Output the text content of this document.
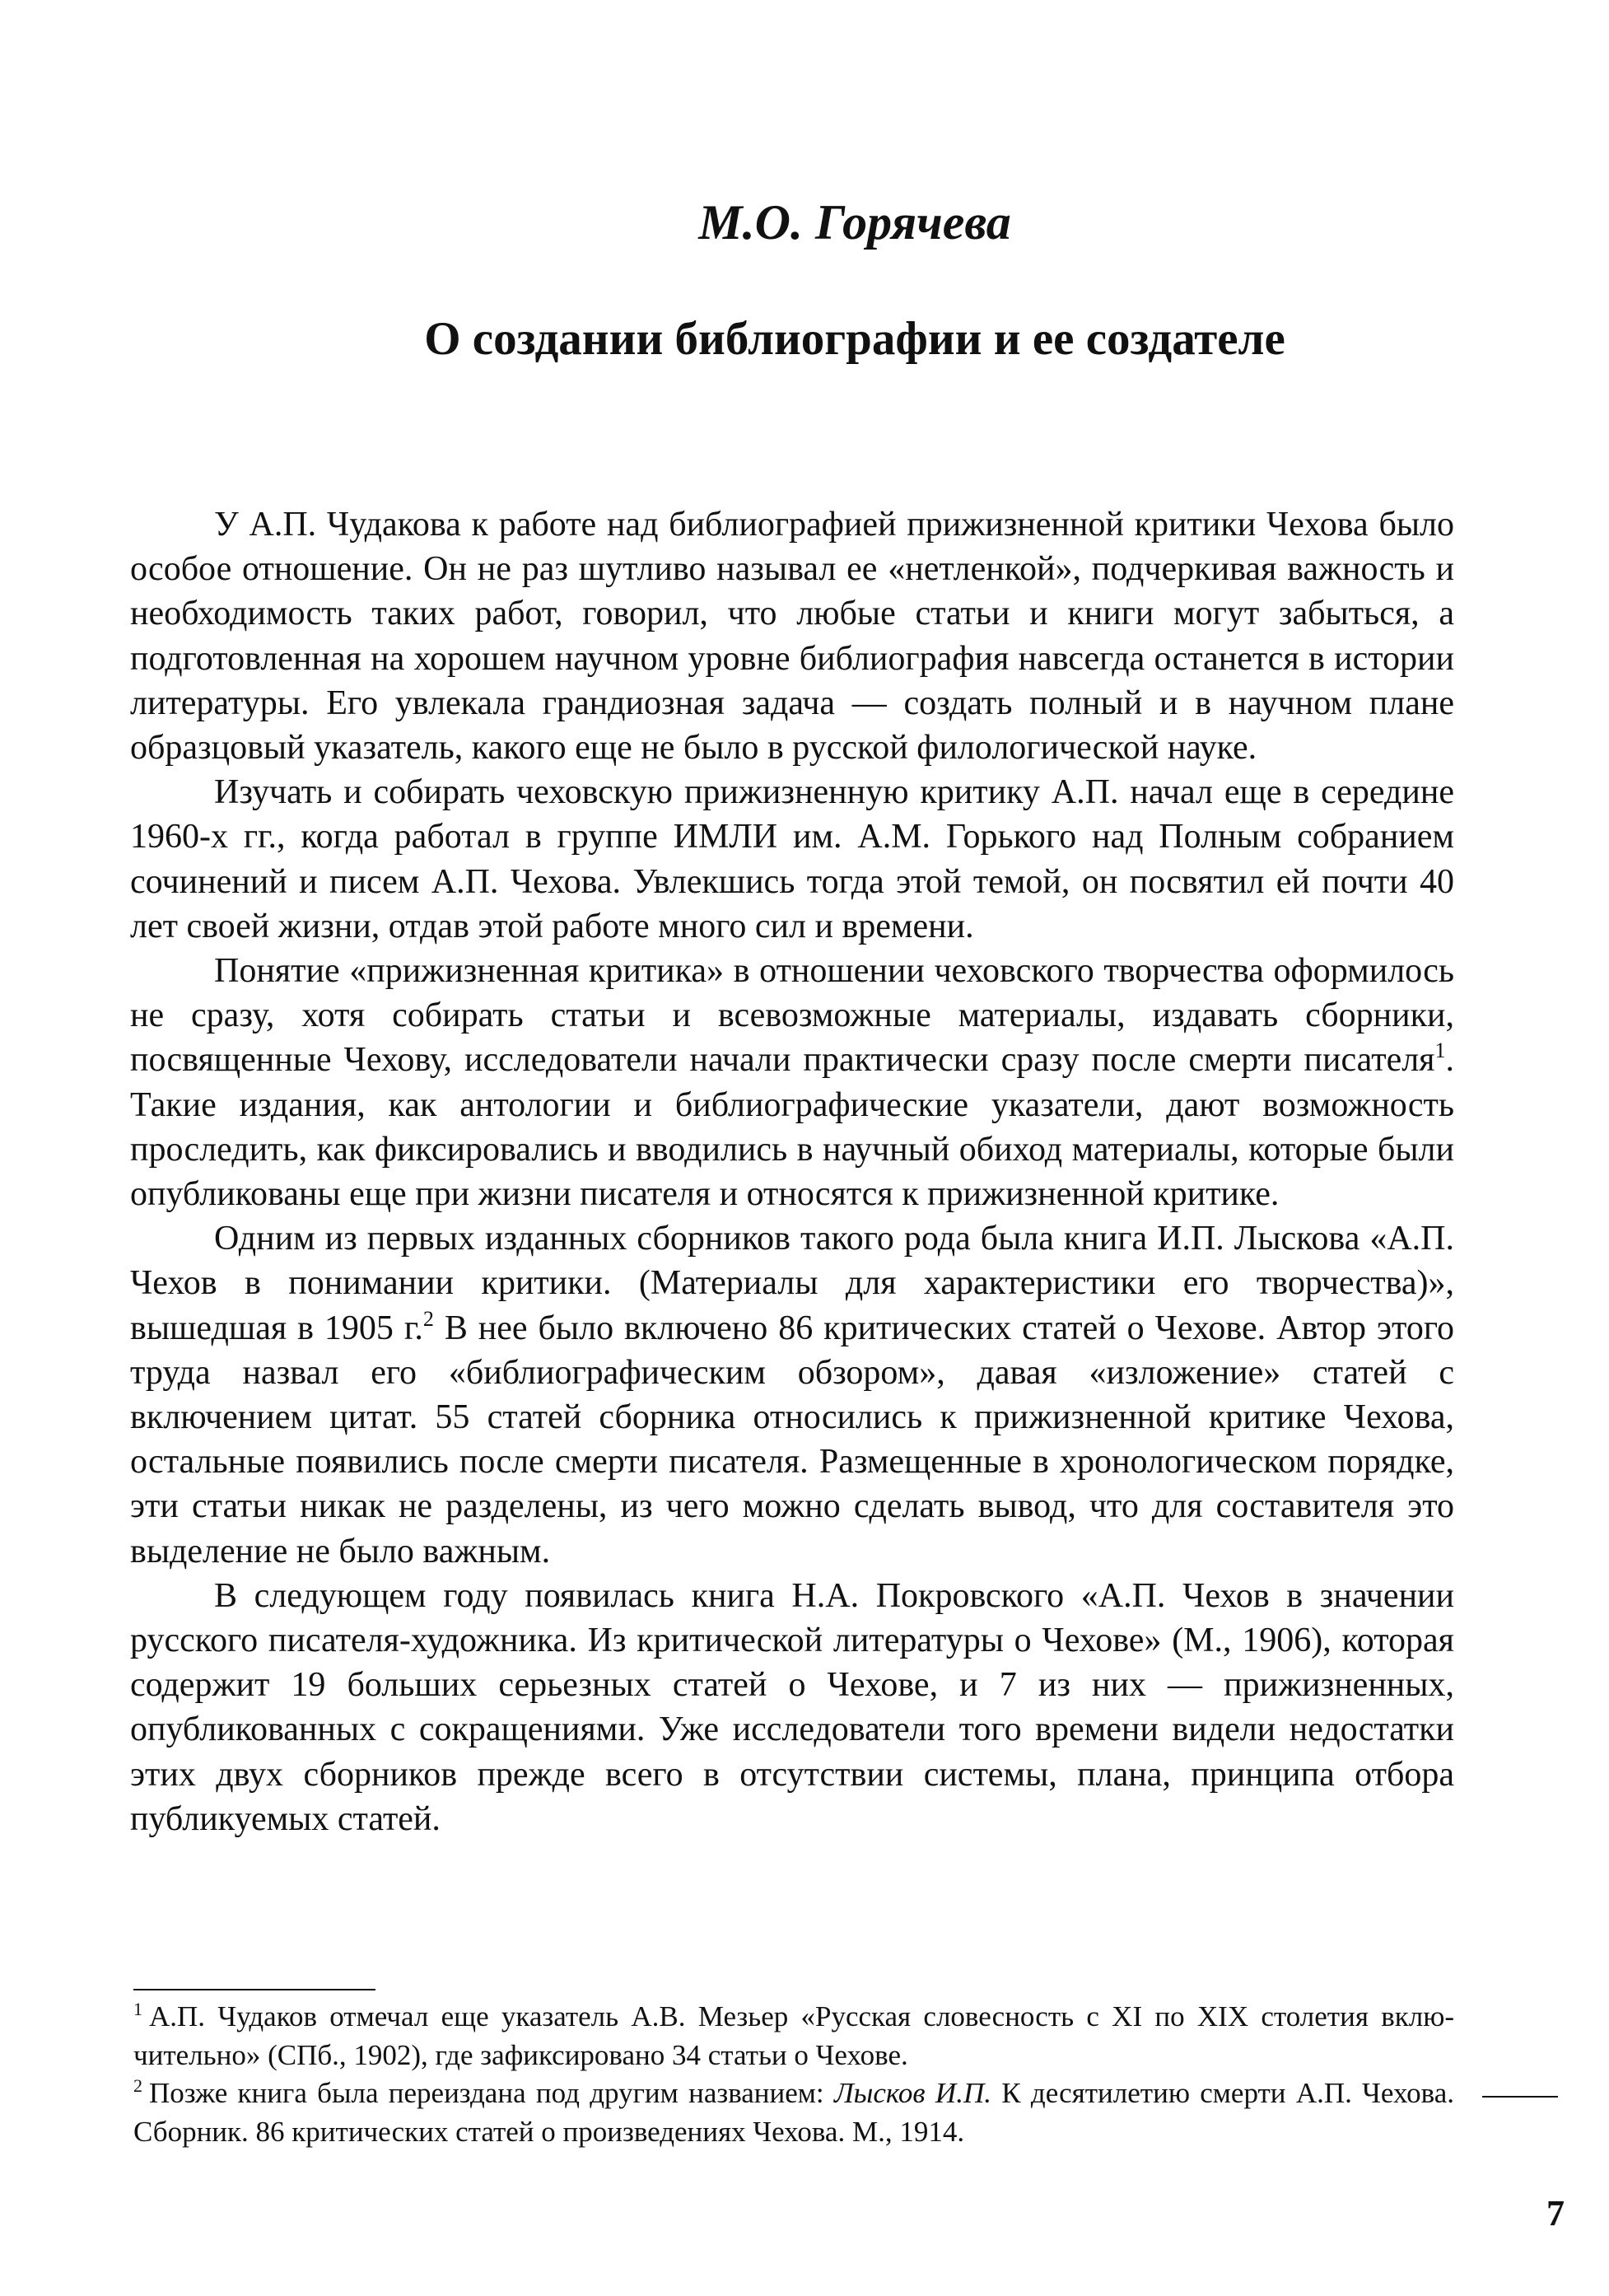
М.О. Горячева
О создании библиографии и ее создателе

У А.П. Чудакова к работе над библиографией прижизненной критики Чехова было особое отношение. Он не раз шутливо называл ее «нетленкой», подчеркивая важность и необходимость таких работ, говорил, что любые статьи и книги могут забыться, а подготовленная на хорошем научном уровне библиография навсегда останется в истории литературы. Его увлекала грандиозная задача — создать полный и в научном плане образцовый указатель, какого еще не было в русской филологической науке.

Изучать и собирать чеховскую прижизненную критику А.П. начал еще в середине 1960-х гг., когда работал в группе ИМЛИ им. А.М. Горького над Полным собранием сочинений и писем А.П. Чехова. Увлекшись тогда этой темой, он посвятил ей почти 40 лет своей жизни, отдав этой работе много сил и времени.

Понятие «прижизненная критика» в отношении чеховского творчества оформилось не сразу, хотя собирать статьи и всевозможные материалы, издавать сборники, посвященные Чехову, исследователи начали практически сразу после смерти писателя$^1$. Такие издания, как антологии и библиографические указатели, дают возможность проследить, как фиксировались и вводились в научный обиход материалы, которые были опубликованы еще при жизни писателя и относятся к прижизненной критике.

Одним из первых изданных сборников такого рода была книга И.П. Лыскова «А.П. Чехов в понимании критики. (Материалы для характеристики его творчества)», вышедшая в 1905 г.$^2$ В нее было включено 86 критических статей о Чехове. Автор этого труда назвал его «библиографическим обзором», давая «изложение» статей с включением цитат. 55 статей сборника относились к прижизненной критике Чехова, остальные появились после смерти писателя. Размещенные в хронологическом порядке, эти статьи никак не разделены, из чего можно сделать вывод, что для составителя это выделение не было важным.

В следующем году появилась книга Н.А. Покровского «А.П. Чехов в значении русского писателя-художника. Из критической литературы о Чехове» (М., 1906), которая содержит 19 больших серьезных статей о Чехове, и 7 из них — прижизненных, опубликованных с сокращениями. Уже исследователи того времени видели недостатки этих двух сборников прежде всего в отсутствии системы, плана, принципа отбора публикуемых статей.

$^1$ А.П. Чудаков отмечал еще указатель А.В. Мезьер «Русская словесность с XI по XIX столетия включительно» (СПб., 1902), где зафиксировано 34 статьи о Чехове.

$^2$ Позже книга была переиздана под другим названием: Лысков И.П. К десятилетию смерти А.П. Чехова. Сборник. 86 критических статей о произведениях Чехова. М., 1914.

7
